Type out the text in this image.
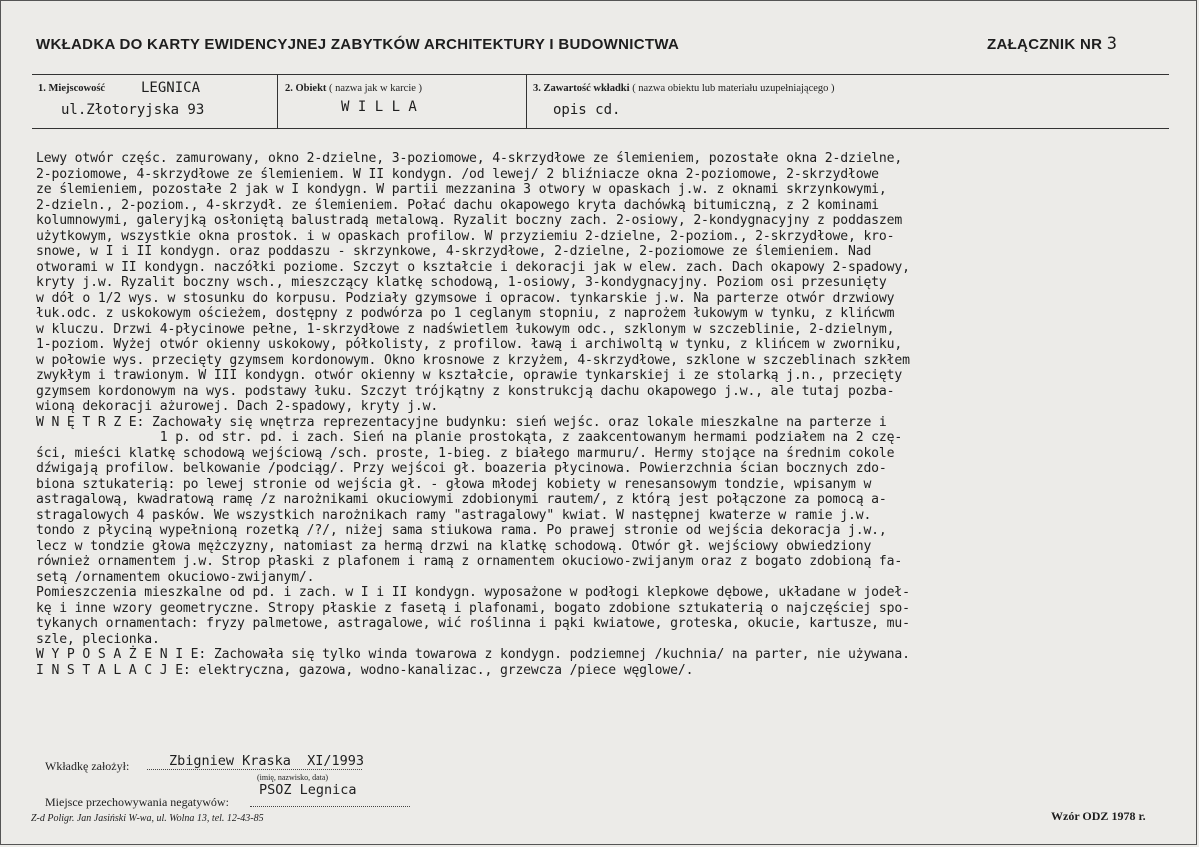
WKŁADKA DO KARTY EWIDENCYJNEJ ZABYTKÓW ARCHITEKTURY I BUDOWNICTWA	ZAŁĄCZNIK NR 3
1. Miejscowość	LEGNICA
ul.Złotoryjska 93
2. Obiekt ( nazwa jak w karcie )
W I L L A
3. Zawartość wkładki ( nazwa obiektu lub materiału uzupełniającego )
opis cd.
Lewy otwór częśc. zamurowany, okno 2-dzielne, 3-poziomowe, 4-skrzydłowe ze ślemieniem, pozostałe okna 2-dzielne,
2-poziomowe, 4-skrzydłowe ze ślemieniem. W II kondygn. /od lewej/ 2 bliźniacze okna 2-poziomowe, 2-skrzydłowe
ze ślemieniem, pozostałe 2 jak w I kondygn. W partii mezzanina 3 otwory w opaskach j.w. z oknami skrzynkowymi,
2-dzieln., 2-poziom., 4-skrzydł. ze ślemieniem. Połać dachu okapowego kryta dachówką bitumiczną, z 2 kominami
kolumnowymi, galeryjką osłoniętą balustradą metalową. Ryzalit boczny zach. 2-osiowy, 2-kondygnacyjny z poddaszem
użytkowym, wszystkie okna prostok. i w opaskach profilow. W przyziemiu 2-dzielne, 2-poziom., 2-skrzydłowe, kro-
snowe, w I i II kondygn. oraz poddaszu - skrzynkowe, 4-skrzydłowe, 2-dzielne, 2-poziomowe ze ślemieniem. Nad
otworami w II kondygn. naczółki poziome. Szczyt o kształcie i dekoracji jak w elew. zach. Dach okapowy 2-spadowy,
kryty j.w. Ryzalit boczny wsch., mieszczący klatkę schodową, 1-osiowy, 3-kondygnacyjny. Poziom osi przesunięty
w dół o 1/2 wys. w stosunku do korpusu. Podziały gzymsowe i opracow. tynkarskie j.w. Na parterze otwór drzwiowy
łuk.odc. z uskokowym ościeżem, dostępny z podwórza po 1 ceglanym stopniu, z naprożem łukowym w tynku, z klińcwm
w kluczu. Drzwi 4-płycinowe pełne, 1-skrzydłowe z nadświetlem łukowym odc., szklonym w szczeblinie, 2-dzielnym,
1-poziom. Wyżej otwór okienny uskokowy, półkolisty, z profilow. ławą i archiwoltą w tynku, z klińcem w zworniku,
w połowie wys. przecięty gzymsem kordonowym. Okno krosnowe z krzyżem, 4-skrzydłowe, szklone w szczeblinach szkłem
zwykłym i trawionym. W III kondygn. otwór okienny w kształcie, oprawie tynkarskiej i ze stolarką j.n., przecięty
gzymsem kordonowym na wys. podstawy łuku. Szczyt trójkątny z konstrukcją dachu okapowego j.w., ale tutaj pozba-
wioną dekoracji ażurowej. Dach 2-spadowy, kryty j.w.
W N Ę T R Z E: Zachowały się wnętrza reprezentacyjne budynku: sień wejśc. oraz lokale mieszkalne na parterze i
1 p. od str. pd. i zach. Sień na planie prostokąta, z zaakcentowanym hermami podziałem na 2 czę-
ści, mieści klatkę schodową wejściową /sch. proste, 1-bieg. z białego marmuru/. Hermy stojące na średnim cokole
dźwigają profilow. belkowanie /podciąg/. Przy wejścoi gł. boazeria płycinowa. Powierzchnia ścian bocznych zdo-
biona sztukaterią: po lewej stronie od wejścia gł. - głowa młodej kobiety w renesansowym tondzie, wpisanym w
astragalową, kwadratową ramę /z narożnikami okuciowymi zdobionymi rautem/, z którą jest połączone za pomocą a-
stragalowych 4 pasków. We wszystkich narożnikach ramy "astragalowy" kwiat. W następnej kwaterze w ramie j.w.
tondo z płyciną wypełnioną rozetką /?/, niżej sama stiukowa rama. Po prawej stronie od wejścia dekoracja j.w.,
lecz w tondzie głowa mężczyzny, natomiast za hermą drzwi na klatkę schodową. Otwór gł. wejściowy obwiedziony
również ornamentem j.w. Strop płaski z plafonem i ramą z ornamentem okuciowo-zwijanym oraz z bogato zdobioną fa-
setą /ornamentem okuciowo-zwijanym/.
Pomieszczenia mieszkalne od pd. i zach. w I i II kondygn. wyposażone w podłogi klepkowe dębowe, układane w jodeł-
kę i inne wzory geometryczne. Stropy płaskie z fasetą i plafonami, bogato zdobione sztukaterią o najczęściej spo-
tykanych ornamentach: fryzy palmetowe, astragalowe, wić roślinna i pąki kwiatowe, groteska, okucie, kartusze, mu-
szle, plecionka.
W Y P O S A Ż E N I E: Zachowała się tylko winda towarowa z kondygn. podziemnej /kuchnia/ na parter, nie używana.
I N S T A L A C J E: elektryczna, gazowa, wodno-kanalizac., grzewcza /piece węglowe/.
Wkładkę założył:	Zbigniew Kraska  XI/1993
(imię, nazwisko, data)
Miejsce przechowywania negatywów:
PSOZ Legnica
Z-d Poligr. Jan Jasiński W-wa, ul. Wolna 13, tel. 12-43-85	Wzór ODZ 1978 r.
